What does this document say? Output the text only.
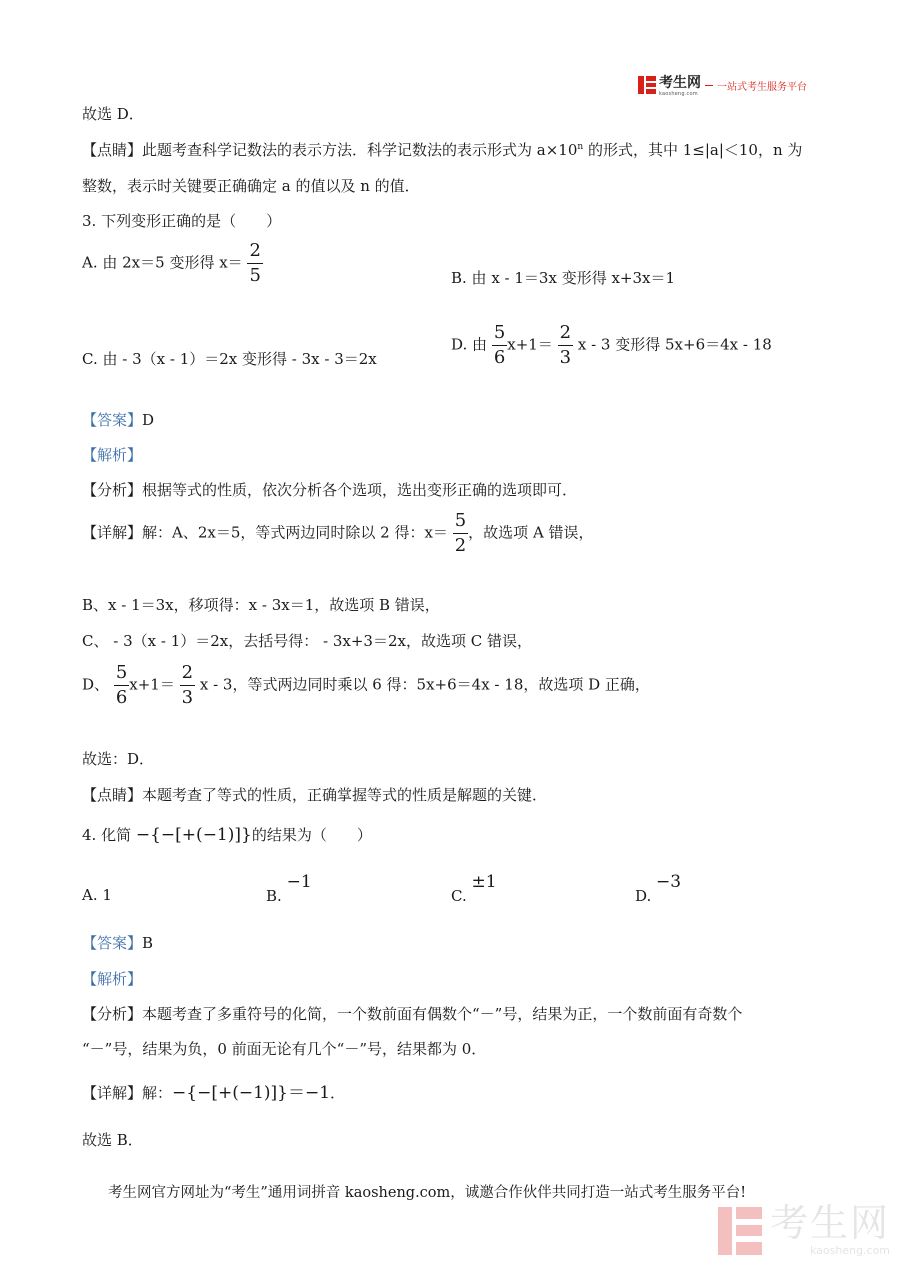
考生网
kaosheng.com
一站式考生服务平台
故选 D．
【点睛】此题考查科学记数法的表示方法．科学记数法的表示形式为 $a\times 10^n$ 的形式，其中 1≤|a|＜10，n 为
整数，表示时关键要正确确定 a 的值以及 n 的值．
3. 下列变形正确的是（　　）
A. 由 2x＝5 变形得 $x= \frac{2}{5}$	B. 由 x ‐ 1＝3x 变形得 x+3x＝1
C. 由 ‐ 3（x ‐ 1）＝2x 变形得 ‐ 3x ‐ 3＝2x
D. 由 $\frac{5}{6} x+1= \frac{2}{3}$ x ‐ 3 变形得 5x+6＝4x ‐ 18
【答案】D
【解析】
【分析】根据等式的性质，依次分析各个选项，选出变形正确的选项即可．
【详解】解：A、2x＝5，等式两边同时除以 2 得：$x= \frac{5}{2}$ ，故选项 A 错误，
B、x ‐ 1＝3x，移项得：x ‐ 3x＝1，故选项 B 错误，
C、 ‐ 3（x ‐ 1）＝2x，去括号得： ‐ 3x+3＝2x，故选项 C 错误，
D、 $\frac{5}{6} x+1= \frac{2}{3}$ x ‐ 3，等式两边同时乘以 6 得：5x+6＝4x ‐ 18，故选项 D 正确，
故选：D．
【点睛】本题考查了等式的性质，正确掌握等式的性质是解题的关键．
4. 化简 −{−[+(−1)]}的结果为（　　）
A. 1	B. −1
C. ±1
D. −3
【答案】B
【解析】
【分析】本题考查了多重符号的化简，一个数前面有偶数个“－”号，结果为正，一个数前面有奇数个
“－”号，结果为负，0 前面无论有几个“－”号，结果都为 0．
【详解】解：−{−[+(−1)]}＝−1．
故选 B．
考生网官方网址为“考生”通用词拼音 kaosheng.com，诚邀合作伙伴共同打造一站式考生服务平台!
考生网
kaosheng.com
